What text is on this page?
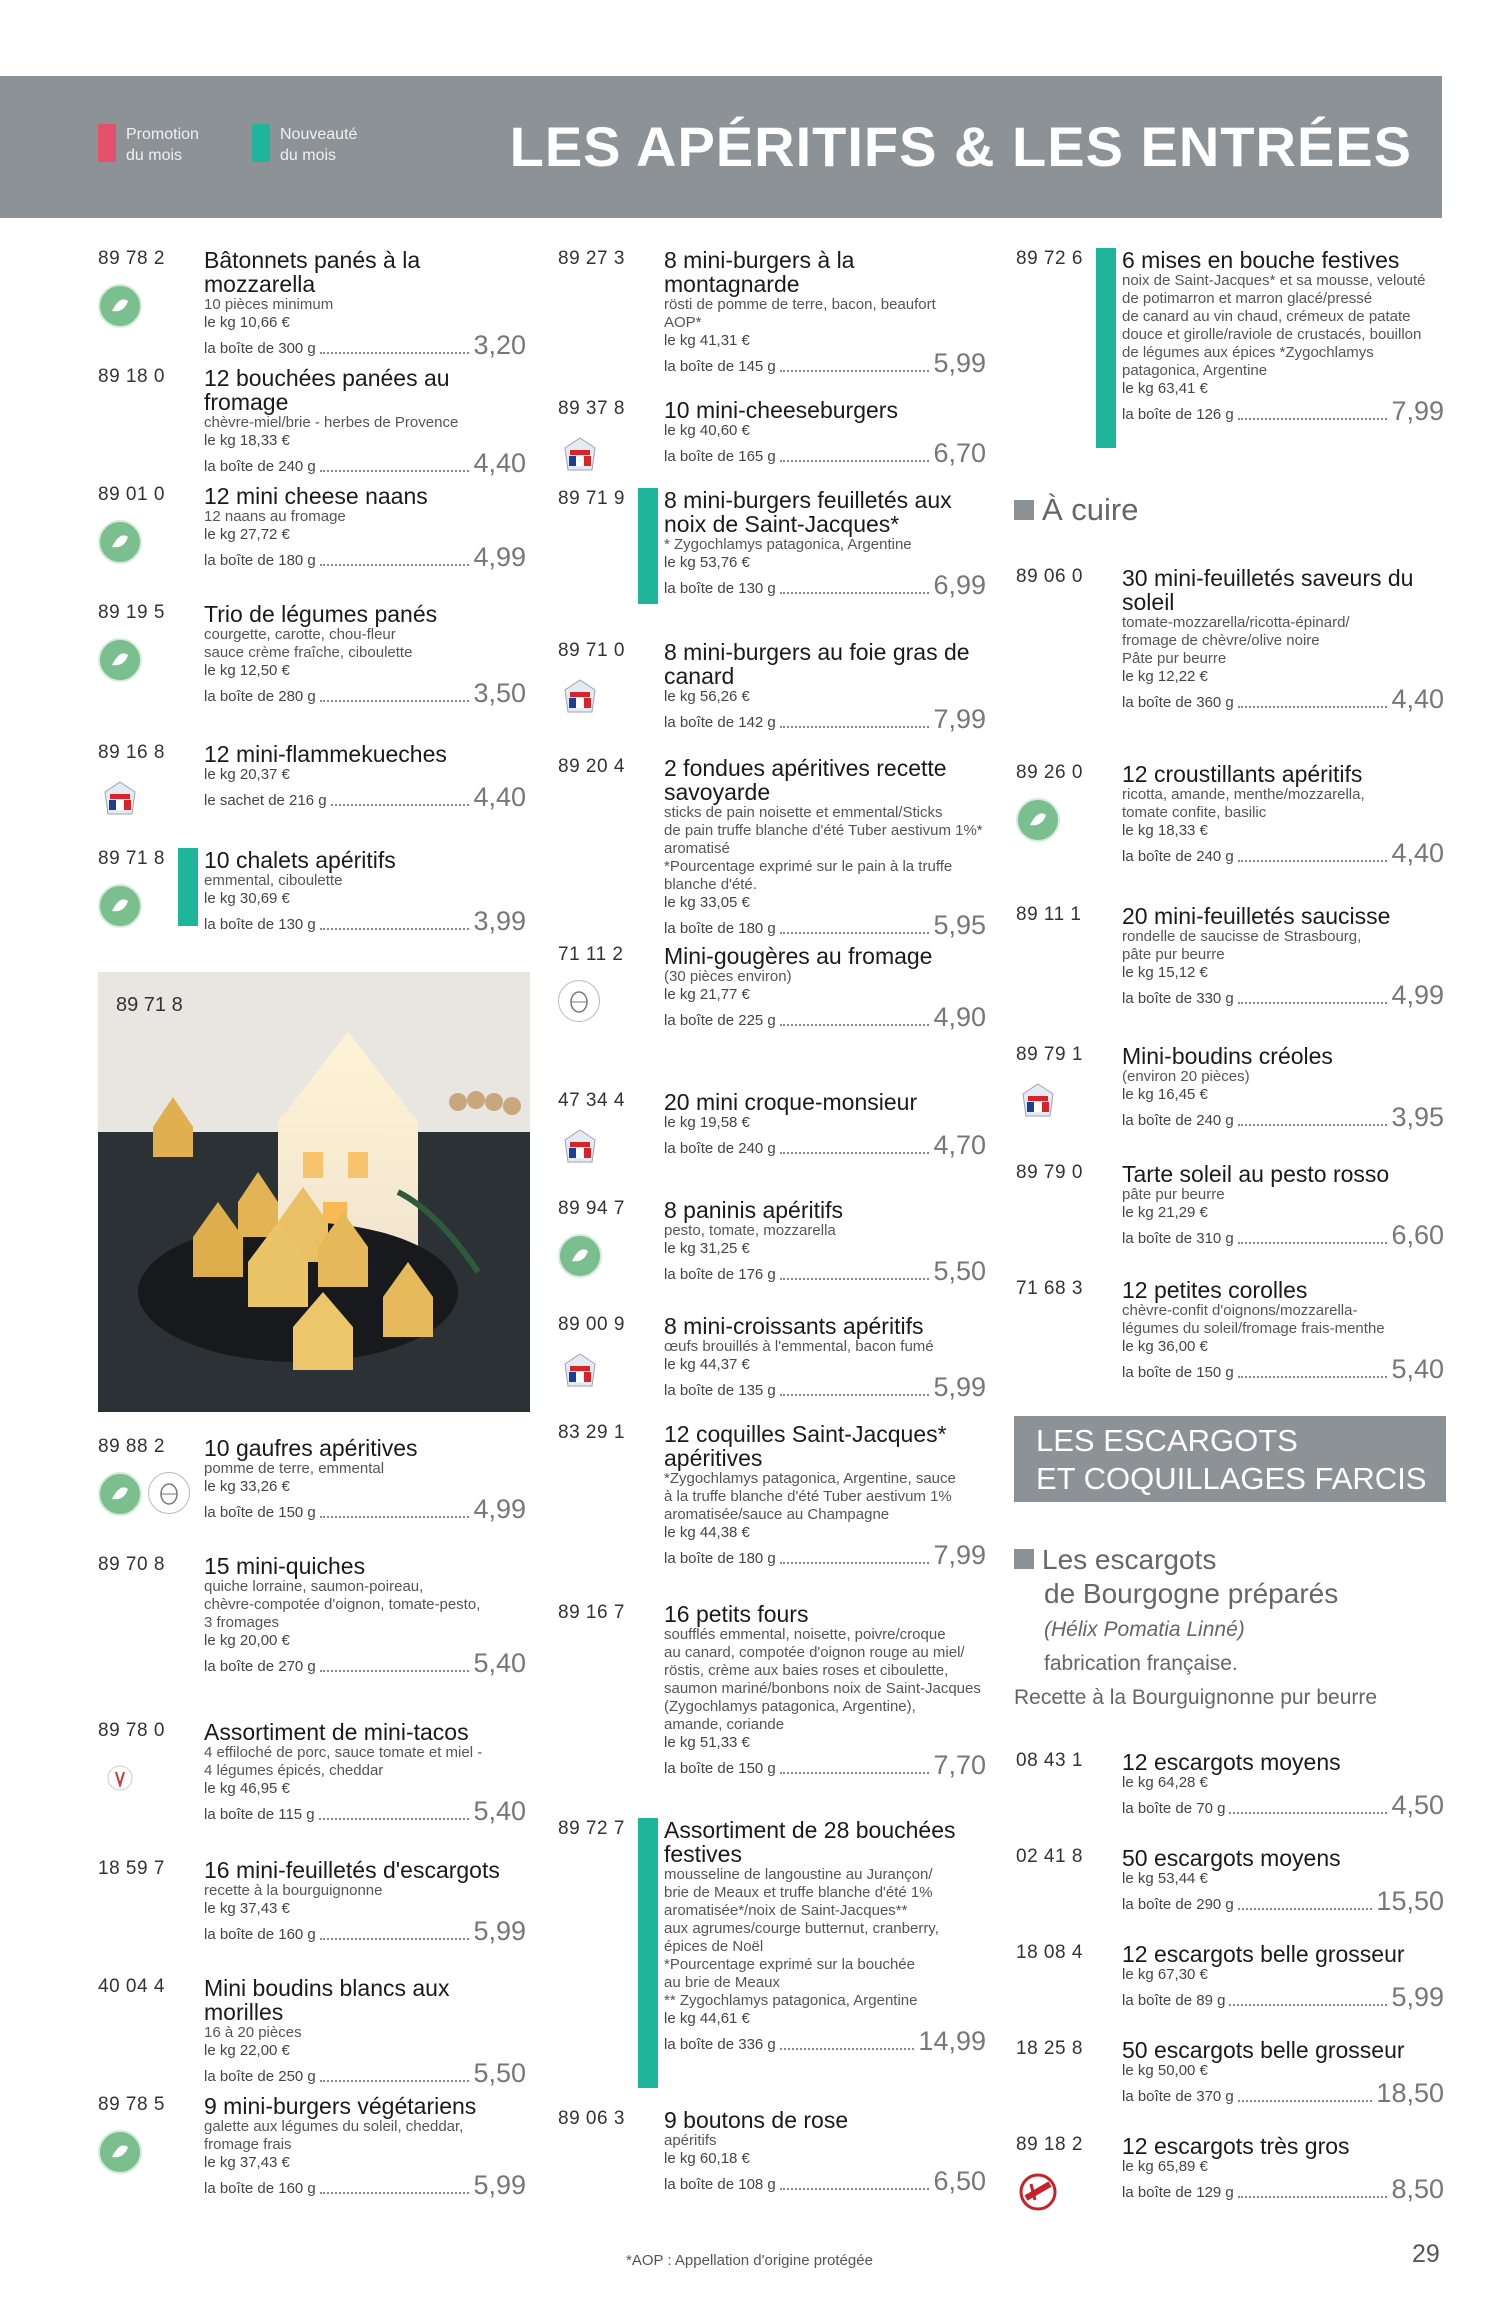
Promotion
du mois
Nouveauté
du mois	LES APÉRITIFS & LES ENTRÉES
89 78 2 Bâtonnets panés à la mozzarella
10 pièces minimum
le kg 10,66 €
la boîte de 300 g	3,20
89 18 0 12 bouchées panées au fromage
chèvre-miel/brie - herbes de Provence
le kg 18,33 €
la boîte de 240 g	4,40
89 01 0 12 mini cheese naans
12 naans au fromage
le kg 27,72 €
la boîte de 180 g	4,99
89 19 5 Trio de légumes panés
courgette, carotte, chou-fleur
sauce crème fraîche, ciboulette
le kg 12,50 €
la boîte de 280 g	3,50
89 16 8 12 mini-flammekueches
le kg 20,37 €
le sachet de 216 g	4,40
89 71 8 10 chalets apéritifs
emmental, ciboulette
le kg 30,69 €
la boîte de 130 g	3,99
89 88 2 10 gaufres apéritives
pomme de terre, emmental
le kg 33,26 €
la boîte de 150 g	4,99
89 70 8 15 mini-quiches
quiche lorraine, saumon-poireau,
chèvre-compotée d'oignon, tomate-pesto,
3 fromages
le kg 20,00 €
la boîte de 270 g	5,40
89 78 0 Assortiment de mini-tacos
4 effiloché de porc, sauce tomate et miel -
4 légumes épicés, cheddar
le kg 46,95 €
la boîte de 115 g	5,40
18 59 7 16 mini-feuilletés d'escargots
recette à la bourguignonne
le kg 37,43 €
la boîte de 160 g	5,99
40 04 4 Mini boudins blancs aux morilles
16 à 20 pièces
le kg 22,00 €
la boîte de 250 g	5,50
89 78 5 9 mini-burgers végétariens
galette aux légumes du soleil, cheddar,
fromage frais
le kg 37,43 €
la boîte de 160 g	5,99
89 27 3 8 mini-burgers à la montagnarde
rösti de pomme de terre, bacon, beaufort
AOP*
le kg 41,31 €
la boîte de 145 g	5,99
89 37 8 10 mini-cheeseburgers
le kg 40,60 €
la boîte de 165 g	6,70
89 71 9 8 mini-burgers feuilletés aux noix de Saint-Jacques*
* Zygochlamys patagonica, Argentine
le kg 53,76 €
la boîte de 130 g	6,99
89 71 0 8 mini-burgers au foie gras de canard
le kg 56,26 €
la boîte de 142 g	7,99
89 20 4 2 fondues apéritives recette savoyarde
sticks de pain noisette et emmental/Sticks
de pain truffe blanche d'été Tuber aestivum 1%*
aromatisé
*Pourcentage exprimé sur le pain à la truffe
blanche d'été.
le kg 33,05 €
la boîte de 180 g	5,95
71 11 2 Mini-gougères au fromage
(30 pièces environ)
le kg 21,77 €
la boîte de 225 g	4,90
47 34 4 20 mini croque-monsieur
le kg 19,58 €
la boîte de 240 g	4,70
89 94 7 8 paninis apéritifs
pesto, tomate, mozzarella
le kg 31,25 €
la boîte de 176 g	5,50
89 00 9 8 mini-croissants apéritifs
œufs brouillés à l'emmental, bacon fumé
le kg 44,37 €
la boîte de 135 g	5,99
83 29 1 12 coquilles Saint-Jacques* apéritives
*Zygochlamys patagonica, Argentine, sauce
à la truffe blanche d'été Tuber aestivum 1%
aromatisée/sauce au Champagne
le kg 44,38 €
la boîte de 180 g	7,99
89 16 7 16 petits fours
soufflés emmental, noisette, poivre/croque
au canard, compotée d'oignon rouge au miel/
röstis, crème aux baies roses et ciboulette,
saumon mariné/bonbons noix de Saint-Jacques
(Zygochlamys patagonica, Argentine),
amande, coriande
le kg 51,33 €
la boîte de 150 g	7,70
89 72 7 Assortiment de 28 bouchées festives
mousseline de langoustine au Jurançon/
brie de Meaux et truffe blanche d'été 1%
aromatisée*/noix de Saint-Jacques**
aux agrumes/courge butternut, cranberry,
épices de Noël
*Pourcentage exprimé sur la bouchée
au brie de Meaux
** Zygochlamys patagonica, Argentine
le kg 44,61 €
la boîte de 336 g	14,99
89 06 3 9 boutons de rose
apéritifs
le kg 60,18 €
la boîte de 108 g	6,50
89 72 6 6 mises en bouche festives
noix de Saint-Jacques* et sa mousse, velouté
de potimarron et marron glacé/pressé
de canard au vin chaud, crémeux de patate
douce et girolle/raviole de crustacés, bouillon
de légumes aux épices *Zygochlamys
patagonica, Argentine
le kg 63,41 €
la boîte de 126 g	7,99
89 06 0 30 mini-feuilletés saveurs du soleil
tomate-mozzarella/ricotta-épinard/
fromage de chèvre/olive noire
Pâte pur beurre
le kg 12,22 €
la boîte de 360 g	4,40
89 26 0 12 croustillants apéritifs
ricotta, amande, menthe/mozzarella,
tomate confite, basilic
le kg 18,33 €
la boîte de 240 g	4,40
89 11 1 20 mini-feuilletés saucisse
rondelle de saucisse de Strasbourg,
pâte pur beurre
le kg 15,12 €
la boîte de 330 g	4,99
89 79 1 Mini-boudins créoles
(environ 20 pièces)
le kg 16,45 €
la boîte de 240 g	3,95
89 79 0 Tarte soleil au pesto rosso
pâte pur beurre
le kg 21,29 €
la boîte de 310 g	6,60
71 68 3 12 petites corolles
chèvre-confit d'oignons/mozzarella-
légumes du soleil/fromage frais-menthe
le kg 36,00 €
la boîte de 150 g	5,40
08 43 1 12 escargots moyens
le kg 64,28 €
la boîte de 70 g	4,50
02 41 8 50 escargots moyens
le kg 53,44 €
la boîte de 290 g	15,50
18 08 4 12 escargots belle grosseur
le kg 67,30 €
la boîte de 89 g	5,99
18 25 8 50 escargots belle grosseur
le kg 50,00 €
la boîte de 370 g	18,50
89 18 2 12 escargots très gros
le kg 65,89 €
la boîte de 129 g	8,50
89 71 8
À cuire
LES ESCARGOTS
ET COQUILLAGES FARCIS
Les escargots
de Bourgogne préparés
(Hélix Pomatia Linné)
fabrication française.
Recette à la Bourguignonne pur beurre
*AOP : Appellation d'origine protégée	29
